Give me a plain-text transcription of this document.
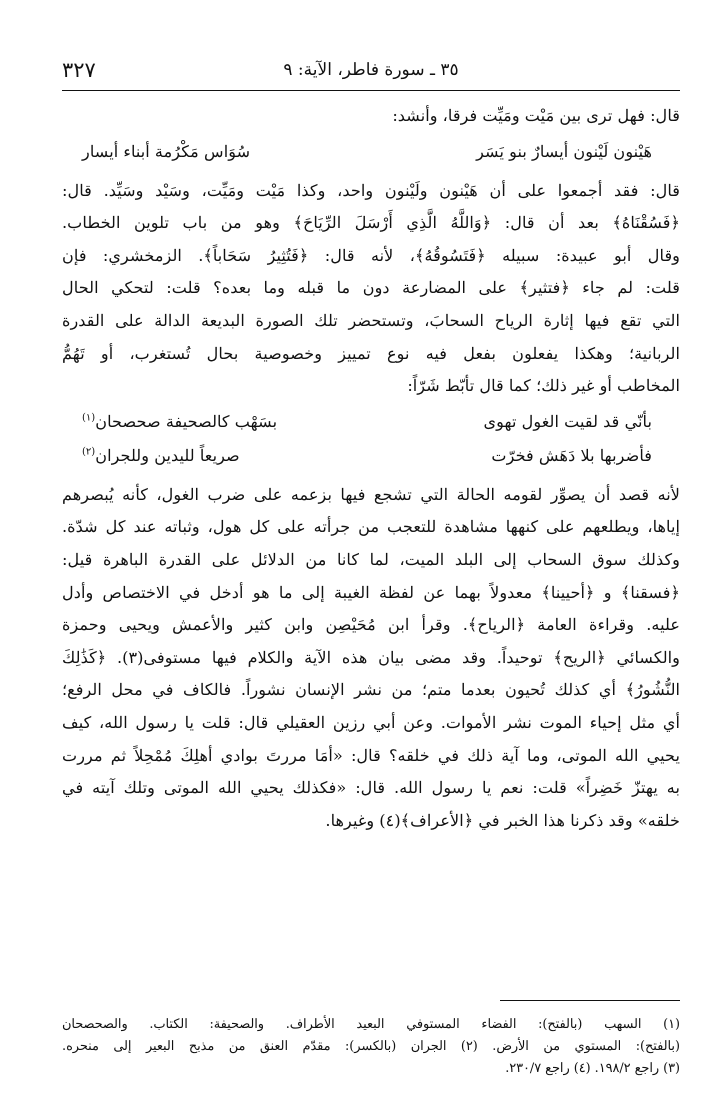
٣٥ ـ سورة فاطر، الآية: ٩
٣٢٧

قال: فهل ترى بين مَيْت ومَيِّت فرقا، وأنشد:

هَيْنون لَيْنون أيسارٌ بنو يَسَر
سُوَاس مَكْرُمة أبناء أيسار

قال: فقد أجمعوا على أن هَيْنون ولَيْنون واحد، وكذا مَيْت ومَيِّت، وسَيْد وسَيِّد. قال:

﴿فَسُقْنَاهُ﴾ بعد أن قال: ﴿وَاللَّهُ الَّذِي أَرْسَلَ الرِّيَاحَ﴾ وهو من باب تلوين الخطاب.

وقال أبو عبيدة: سبيله ﴿فَتَسُوقُهُ﴾، لأنه قال: ﴿فَتُثِيرُ سَحَاباً﴾. الزمخشري: فإن

قلت: لم جاء ﴿فتثير﴾ على المضارعة دون ما قبله وما بعده؟ قلت: لتحكي الحال

التي تقع فيها إثارة الرياح السحابَ، وتستحضر تلك الصورة البديعة الدالة على القدرة

الربانية؛ وهكذا يفعلون بفعل فيه نوع تمييز وخصوصية بحال تُستغرب، أو تَهُمُّ

المخاطب أو غير ذلك؛ كما قال تأبّط شَرّاً:

بأنّي قد لقيت الغول تهوى
بسَهْب كالصحيفة صحصحان$^{(١)}$
فأضربها بلا دَهَش فخرّت
صريعاً لليدين وللجران$^{(٢)}$

لأنه قصد أن يصوِّر لقومه الحالة التي تشجع فيها بزعمه على ضرب الغول، كأنه يُبصرهم

إياها، ويطلعهم على كنهها مشاهدة للتعجب من جرأته على كل هول، وثباته عند كل شدّة.

وكذلك سوق السحاب إلى البلد الميت، لما كانا من الدلائل على القدرة الباهرة قيل:

﴿فسقنا﴾ و ﴿أحيينا﴾ معدولاً بهما عن لفظة الغيبة إلى ما هو أدخل في الاختصاص وأدل

عليه. وقراءة العامة ﴿الرياح﴾. وقرأ ابن مُحَيْصِن وابن كثير والأعمش ويحيى وحمزة

والكسائي ﴿الريح﴾ توحيداً. وقد مضى بيان هذه الآية والكلام فيها مستوفى(٣). ﴿كَذَٰلِكَ

النُّشُورُ﴾ أي كذلك تُحيون بعدما متم؛ من نشر الإنسان نشوراً. فالكاف في محل الرفع؛

أي مثل إحياء الموت نشر الأموات. وعن أبي رزين العقيلي قال: قلت يا رسول الله، كيف

يحيي الله الموتى، وما آية ذلك في خلقه؟ قال: «أمَا مررتَ بوادي أهلِكَ مُمْحِلاً ثم مررت

به يهتزّ خَضِراً» قلت: نعم يا رسول الله. قال: «فكذلك يحيي الله الموتى وتلك آيته في

خلقه» وقد ذكرنا هذا الخبر في ﴿الأعراف﴾(٤) وغيرها.

(١) السهب (بالفتح): الفضاء المستوفي البعيد الأطراف. والصحيفة: الكتاب. والصحصحان

(بالفتح): المستوي من الأرض. (٢) الجران (بالكسر): مقدّم العنق من مذبح البعير إلى منحره.

(٣) راجع ١٩٨/٢. (٤) راجع ٢٣٠/٧.
